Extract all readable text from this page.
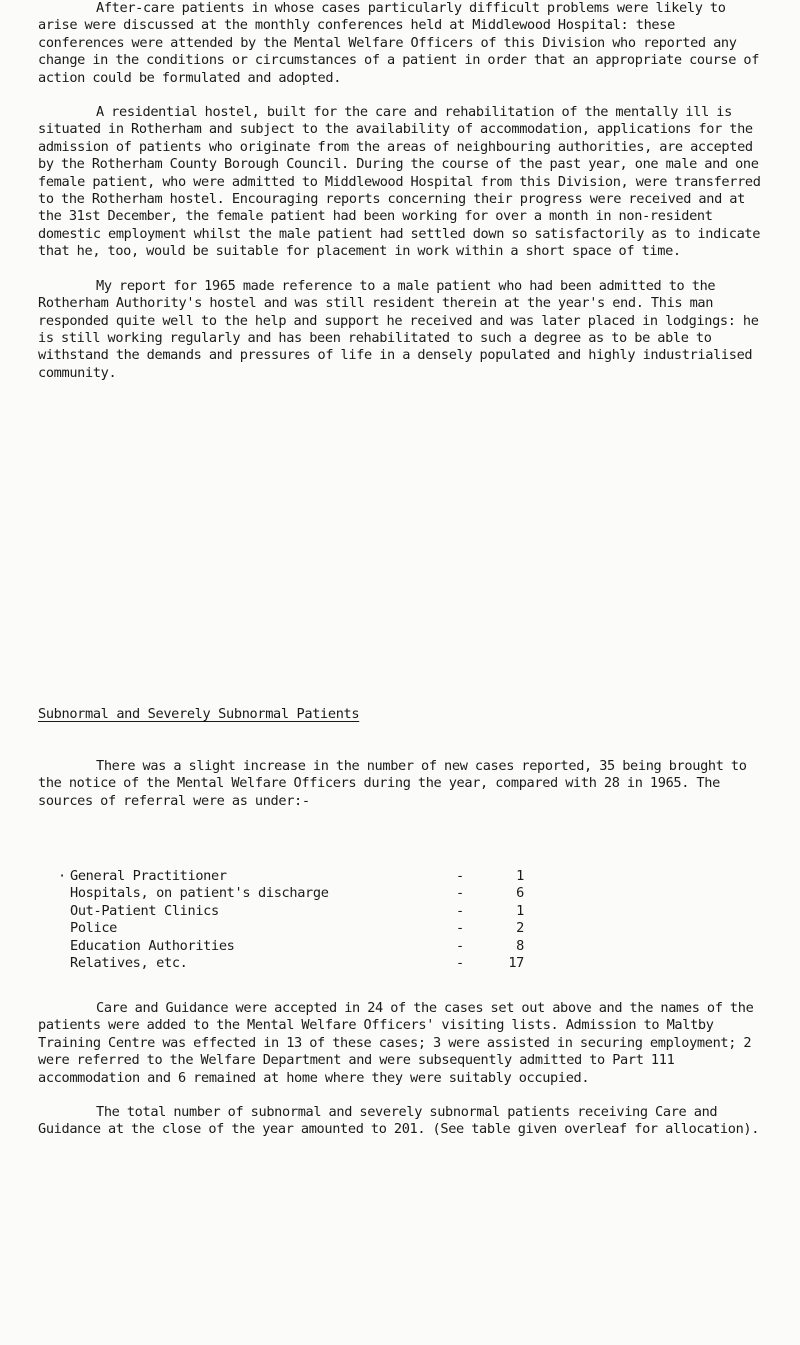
After-care patients in whose cases particularly difficult problems were likely to arise were discussed at the monthly conferences held at Middlewood Hospital: these conferences were attended by the Mental Welfare Officers of this Division who reported any change in the conditions or circumstances of a patient in order that an appropriate course of action could be formulated and adopted.

A residential hostel, built for the care and rehabilitation of the mentally ill is situated in Rotherham and subject to the availability of accommodation, applications for the admission of patients who originate from the areas of neighbouring authorities, are accepted by the Rotherham County Borough Council. During the course of the past year, one male and one female patient, who were admitted to Middlewood Hospital from this Division, were transferred to the Rotherham hostel. Encouraging reports concerning their progress were received and at the 31st December, the female patient had been working for over a month in non-resident domestic employment whilst the male patient had settled down so satisfactorily as to indicate that he, too, would be suitable for placement in work within a short space of time.

My report for 1965 made reference to a male patient who had been admitted to the Rotherham Authority's hostel and was still resident therein at the year's end. This man responded quite well to the help and support he received and was later placed in lodgings: he is still working regularly and has been rehabilitated to such a degree as to be able to withstand the demands and pressures of life in a densely populated and highly industrialised community.

Subnormal and Severely Subnormal Patients

There was a slight increase in the number of new cases reported, 35 being brought to the notice of the Mental Welfare Officers during the year, compared with 28 in 1965. The sources of referral were as under:-

· General Practitioner	-	1
Hospitals, on patient's discharge	-	6
Out-Patient Clinics	-	1
Police	-	2
Education Authorities	-	8
Relatives, etc.	-	17

Care and Guidance were accepted in 24 of the cases set out above and the names of the patients were added to the Mental Welfare Officers' visiting lists. Admission to Maltby Training Centre was effected in 13 of these cases; 3 were assisted in securing employment; 2 were referred to the Welfare Department and were subsequently admitted to Part 111 accommodation and 6 remained at home where they were suitably occupied.

The total number of subnormal and severely subnormal patients receiving Care and Guidance at the close of the year amounted to 201. (See table given overleaf for allocation).
